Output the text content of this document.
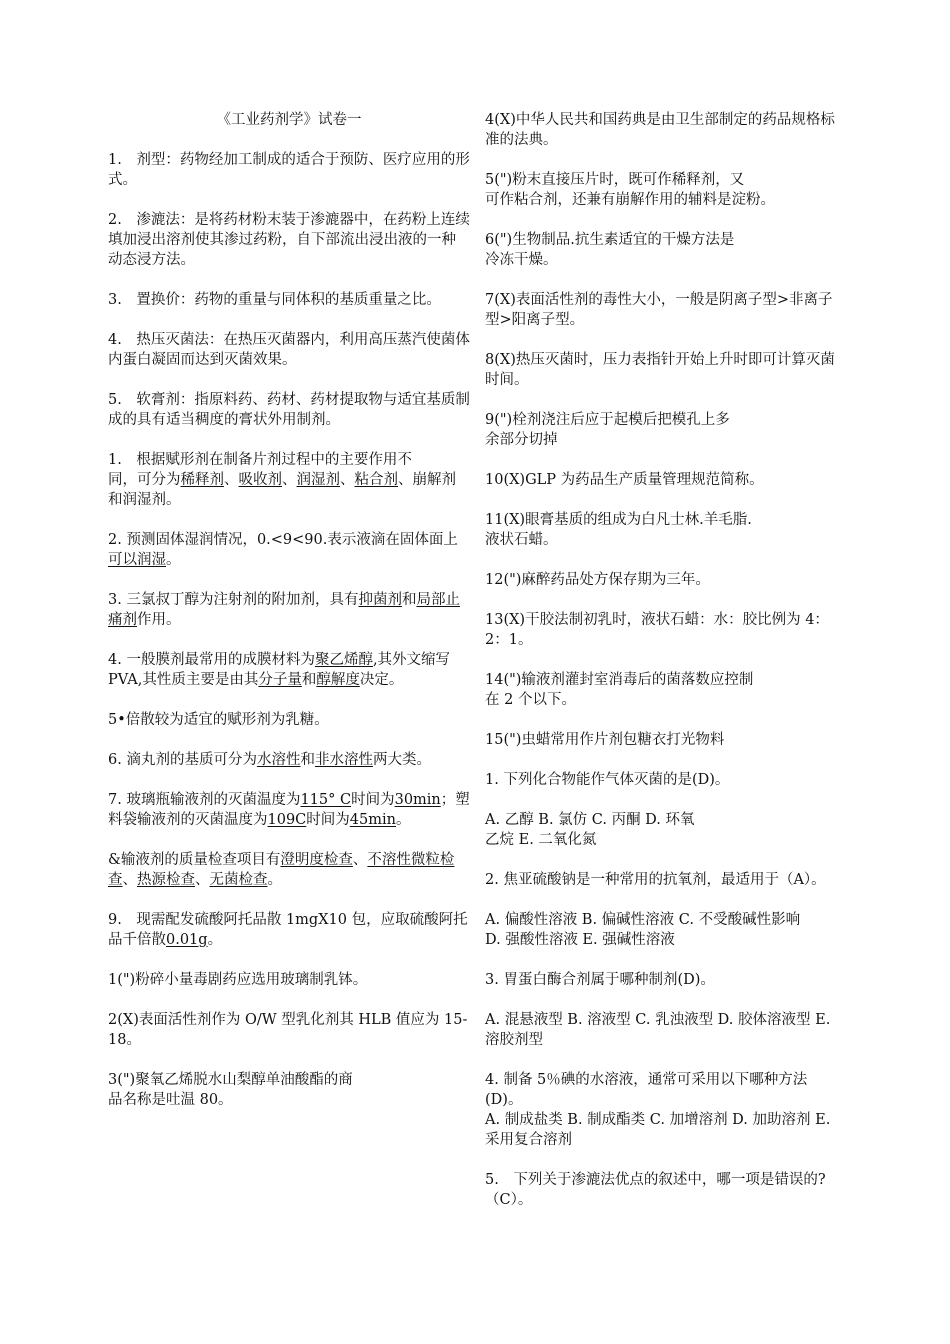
《工业药剂学》试卷一

1.　剂型：药物经加工制成的适合于预防、医疗应用的形式。

2.　渗漉法：是将药材粉末装于渗漉器中，在药粉上连续填加浸出溶剂使其渗过药粉，自下部流出浸出液的一种动态浸方法。

3.　置换价：药物的重量与同体积的基质重量之比。

4.　热压灭菌法：在热压灭菌器内，利用高压蒸汽使菌体内蛋白凝固而达到灭菌效果。

5.　软膏剂：指原料药、药材、药材提取物与适宜基质制成的具有适当稠度的膏状外用制剂。

1.　根据赋形剂在制备片剂过程中的主要作用不
同，可分为稀释剂、吸收剂、润湿剂、粘合剂、崩解剂和润湿剂。

2. 预测固体湿润情况，0.<9<90.表示液滴在固体面上可以润湿。

3. 三氯叔丁醇为注射剂的附加剂，具有抑菌剂和局部止痛剂作用。

4. 一般膜剂最常用的成膜材料为聚乙烯醇,其外文缩写 PVA,其性质主要是由其分子量和醇解度决定。

5•倍散较为适宜的赋形剂为乳糖。

6. 滴丸剂的基质可分为水溶性和非水溶性两大类。

7. 玻璃瓶输液剂的灭菌温度为115° C时间为30min；塑料袋输液剂的灭菌温度为109C时间为45min。

&输液剂的质量检查项目有澄明度检查、不溶性微粒检查、热源检查、无菌检查。

9.　现需配发硫酸阿托品散 1mgX10 包，应取硫酸阿托品千倍散0.01g。

1(")粉碎小量毒剧药应选用玻璃制乳钵。

2(X)表面活性剂作为 O/W 型乳化剂其 HLB 值应为 15-18。

3(")聚氧乙烯脱水山梨醇单油酸酯的商
品名称是吐温 80。

4(X)中华人民共和国药典是由卫生部制定的药品规格标准的法典。

5(")粉末直接压片时，既可作稀释剂，又
可作粘合剂，还兼有崩解作用的辅料是淀粉。

6(")生物制品.抗生素适宜的干燥方法是
冷冻干燥。

7(X)表面活性剂的毒性大小，一般是阴离子型>非离子型>阳离子型。

8(X)热压灭菌时，压力表指针开始上升时即可计算灭菌时间。

9(")栓剂浇注后应于起模后把模孔上多
余部分切掉

10(X)GLP 为药品生产质量管理规范简称。

11(X)眼膏基质的组成为白凡士林.羊毛脂.
液状石蜡。

12(")麻醉药品处方保存期为三年。

13(X)干胶法制初乳时，液状石蜡：水：胶比例为 4：2：1。

14(")输液剂灌封室消毒后的菌落数应控制
在 2 个以下。

15(")虫蜡常用作片剂包糖衣打光物料

1. 下列化合物能作气体灭菌的是(D)。

A. 乙醇 B. 氯仿 C. 丙酮 D. 环氧
乙烷 E. 二氧化氮

2. 焦亚硫酸钠是一种常用的抗氧剂，最适用于（A）。

A. 偏酸性溶液 B. 偏碱性溶液 C. 不受酸碱性影响
D. 强酸性溶液 E. 强碱性溶液

3. 胃蛋白酶合剂属于哪种制剂(D)。

A. 混悬液型 B. 溶液型 C. 乳浊液型 D. 胶体溶液型 E. 溶胶剂型

4. 制备 5％碘的水溶液，通常可采用以下哪种方法(D)。

A. 制成盐类 B. 制成酯类 C. 加增溶剂 D. 加助溶剂 E. 采用复合溶剂

5.　下列关于渗漉法优点的叙述中，哪一项是错误的?（C）。
